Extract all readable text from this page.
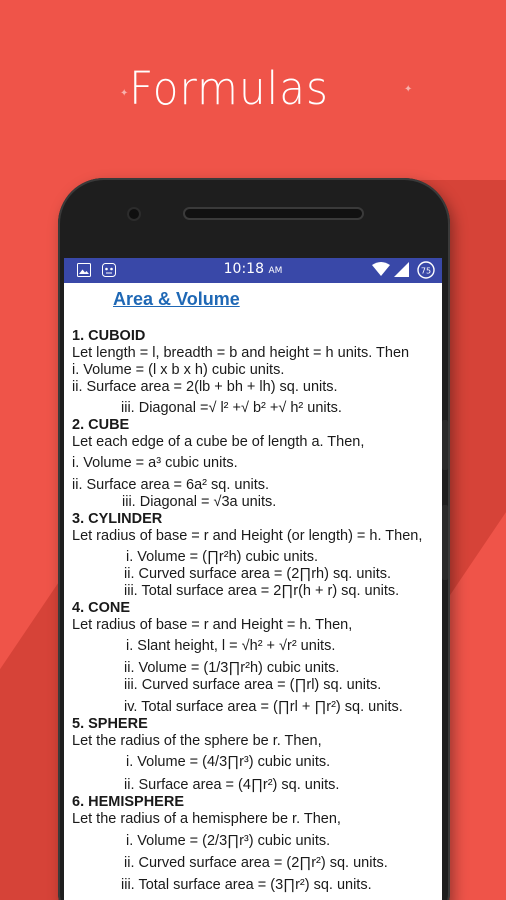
Formulas
✦	✦
10:18 AM	75
Area & Volume
1. CUBOID
Let length = l, breadth = b and height = h units. Then
i. Volume = (l x b x h) cubic units.
ii. Surface area = 2(lb + bh + lh) sq. units.
iii. Diagonal =√ l² +√ b² +√ h² units.
2. CUBE
Let each edge of a cube be of length a. Then,
i. Volume = a³ cubic units.
ii. Surface area = 6a² sq. units.
iii. Diagonal = √3a units.
3. CYLINDER
Let radius of base = r and Height (or length) = h. Then,
i. Volume = (∏r²h) cubic units.
ii. Curved surface area = (2∏rh) sq. units.
iii. Total surface area = 2∏r(h + r) sq. units.
4. CONE
Let radius of base = r and Height = h. Then,
i. Slant height, l = √h² + √r² units.
ii. Volume = (1/3∏r²h) cubic units.
iii. Curved surface area = (∏rl) sq. units.
iv. Total surface area = (∏rl + ∏r²) sq. units.
5. SPHERE
Let the radius of the sphere be r. Then,
i. Volume = (4/3∏r³) cubic units.
ii. Surface area = (4∏r²) sq. units.
6. HEMISPHERE
Let the radius of a hemisphere be r. Then,
i. Volume = (2/3∏r³) cubic units.
ii. Curved surface area = (2∏r²) sq. units.
iii. Total surface area = (3∏r²) sq. units.
